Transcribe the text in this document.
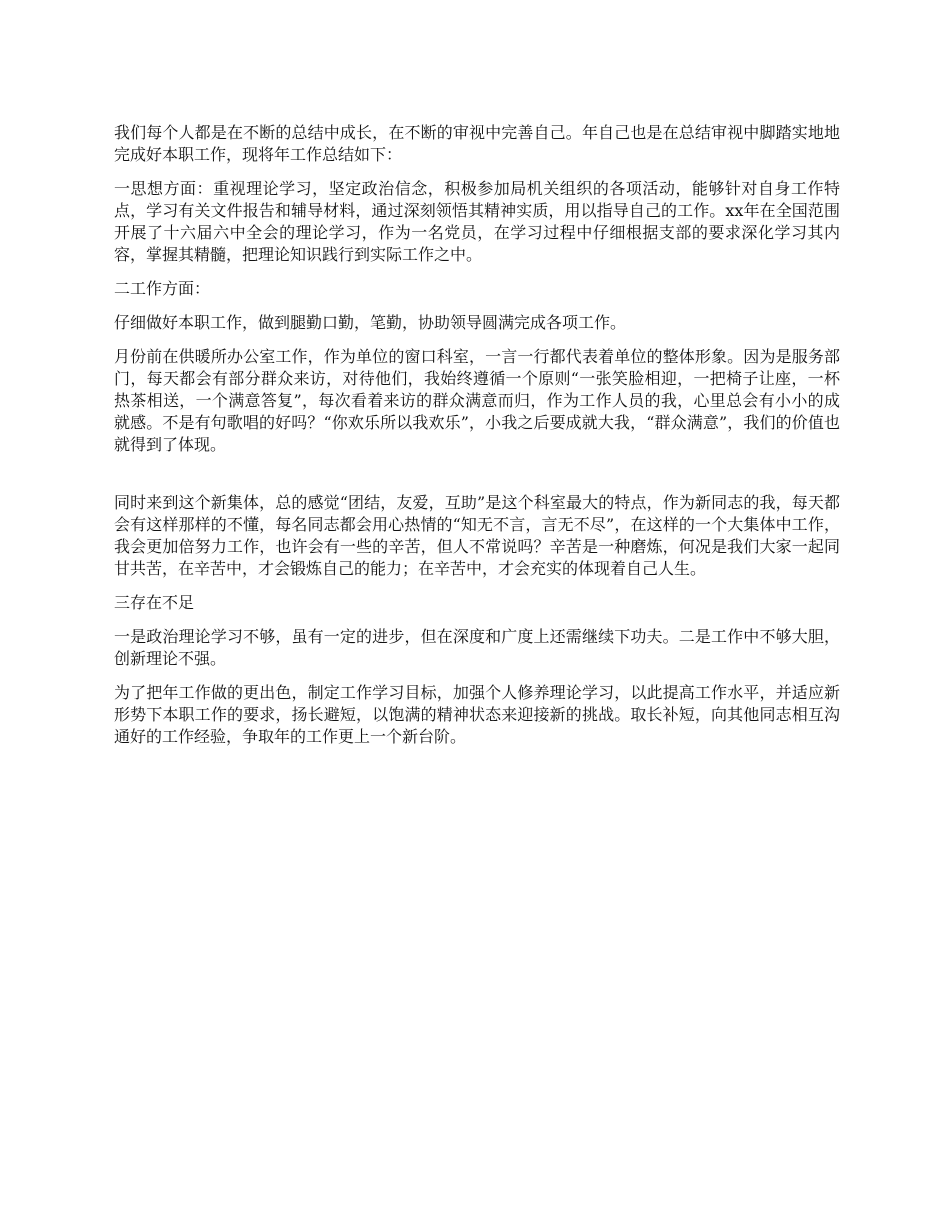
我们每个人都是在不断的总结中成长，在不断的审视中完善自己。年自己也是在总结审视中脚踏实地地完成好本职工作，现将年工作总结如下：

一思想方面：重视理论学习，坚定政治信念，积极参加局机关组织的各项活动，能够针对自身工作特点，学习有关文件报告和辅导材料，通过深刻领悟其精神实质，用以指导自己的工作。xx年在全国范围开展了十六届六中全会的理论学习，作为一名党员，在学习过程中仔细根据支部的要求深化学习其内容，掌握其精髓，把理论知识践行到实际工作之中。

二工作方面：

仔细做好本职工作，做到腿勤口勤，笔勤，协助领导圆满完成各项工作。

月份前在供暖所办公室工作，作为单位的窗口科室，一言一行都代表着单位的整体形象。因为是服务部门，每天都会有部分群众来访，对待他们，我始终遵循一个原则“一张笑脸相迎，一把椅子让座，一杯热茶相送，一个满意答复”，每次看着来访的群众满意而归，作为工作人员的我，心里总会有小小的成就感。不是有句歌唱的好吗？“你欢乐所以我欢乐”，小我之后要成就大我，“群众满意”，我们的价值也就得到了体现。

同时来到这个新集体，总的感觉“团结，友爱，互助”是这个科室最大的特点，作为新同志的我，每天都会有这样那样的不懂，每名同志都会用心热情的“知无不言，言无不尽”，在这样的一个大集体中工作，我会更加倍努力工作，也许会有一些的辛苦，但人不常说吗？辛苦是一种磨炼，何况是我们大家一起同甘共苦，在辛苦中，才会锻炼自己的能力；在辛苦中，才会充实的体现着自己人生。

三存在不足

一是政治理论学习不够，虽有一定的进步，但在深度和广度上还需继续下功夫。二是工作中不够大胆，创新理论不强。

为了把年工作做的更出色，制定工作学习目标，加强个人修养理论学习，以此提高工作水平，并适应新形势下本职工作的要求，扬长避短，以饱满的精神状态来迎接新的挑战。取长补短，向其他同志相互沟通好的工作经验，争取年的工作更上一个新台阶。
